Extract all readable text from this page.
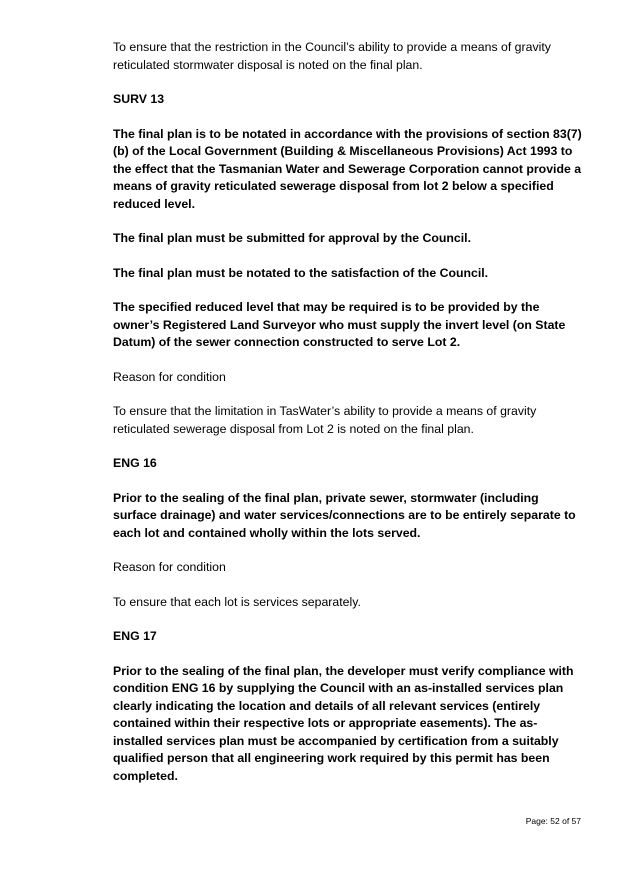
To ensure that the restriction in the Council’s ability to provide a means of gravity reticulated stormwater disposal is noted on the final plan.

SURV 13

The final plan is to be notated in accordance with the provisions of section 83(7) (b) of the Local Government (Building & Miscellaneous Provisions) Act 1993 to the effect that the Tasmanian Water and Sewerage Corporation cannot provide a means of gravity reticulated sewerage disposal from lot 2 below a specified reduced level.

The final plan must be submitted for approval by the Council.

The final plan must be notated to the satisfaction of the Council.

The specified reduced level that may be required is to be provided by the owner’s Registered Land Surveyor who must supply the invert level (on State Datum) of the sewer connection constructed to serve Lot 2.

Reason for condition

To ensure that the limitation in TasWater’s ability to provide a means of gravity reticulated sewerage disposal from Lot 2 is noted on the final plan.

ENG 16

Prior to the sealing of the final plan, private sewer, stormwater (including surface drainage) and water services/connections are to be entirely separate to each lot and contained wholly within the lots served.

Reason for condition

To ensure that each lot is services separately.

ENG 17

Prior to the sealing of the final plan, the developer must verify compliance with condition ENG 16 by supplying the Council with an as-installed services plan clearly indicating the location and details of all relevant services (entirely contained within their respective lots or appropriate easements). The as-installed services plan must be accompanied by certification from a suitably qualified person that all engineering work required by this permit has been completed.

Page: 52 of 57
